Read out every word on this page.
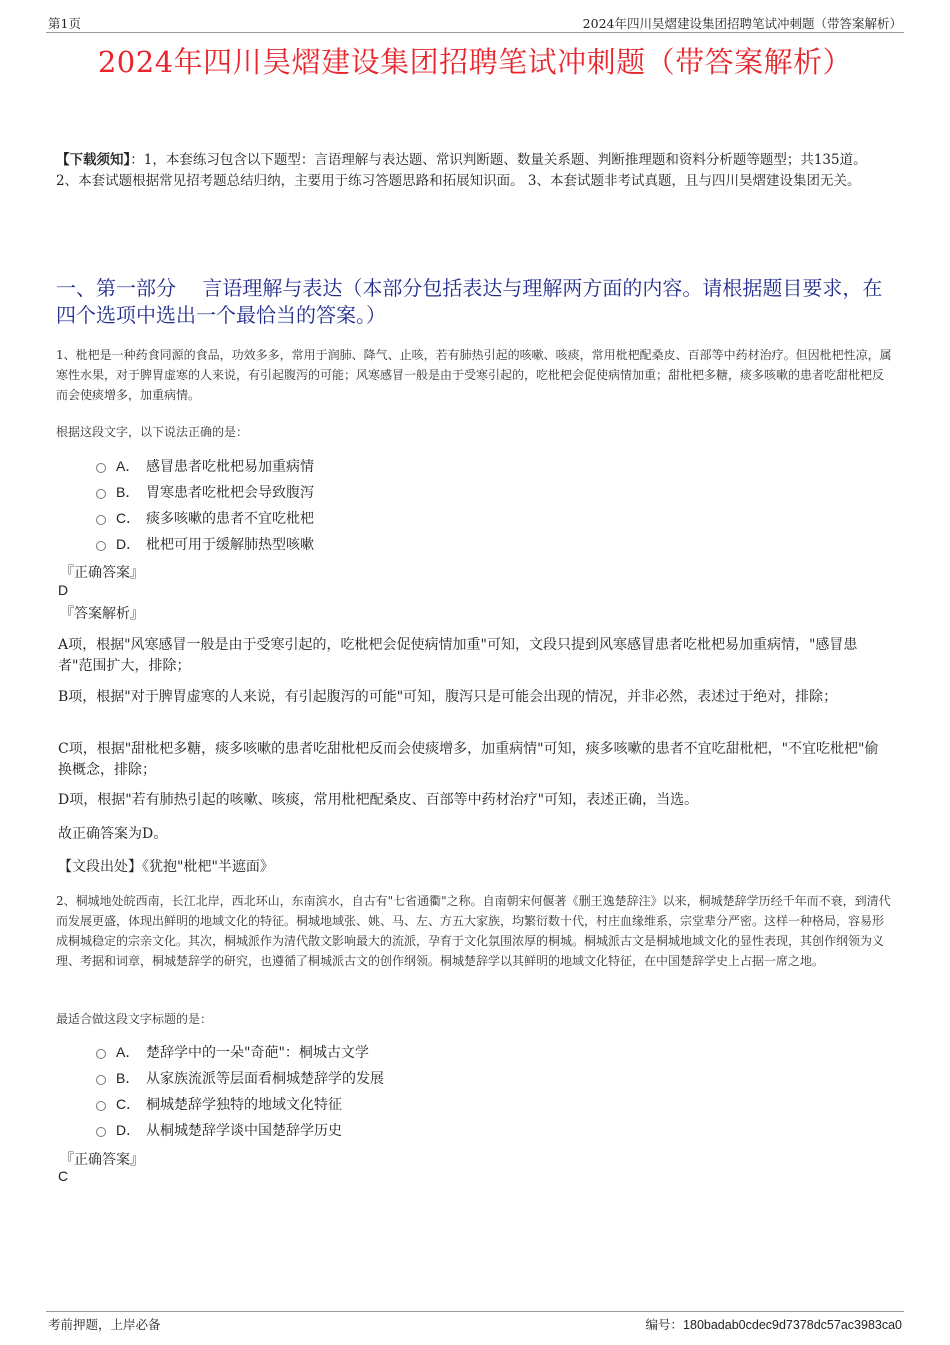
第1页	2024年四川昊熠建设集团招聘笔试冲刺题（带答案解析）
2024年四川昊熠建设集团招聘笔试冲刺题（带答案解析）
【下载须知】：1，本套练习包含以下题型：言语理解与表达题、常识判断题、数量关系题、判断推理题和资料分析题等题型；共135道。 2、本套试题根据常见招考题总结归纳，主要用于练习答题思路和拓展知识面。 3、本套试题非考试真题，且与四川昊熠建设集团无关。
一、第一部分　 言语理解与表达（本部分包括表达与理解两方面的内容。请根据题目要求，在四个选项中选出一个最恰当的答案。）
1、枇杷是一种药食同源的食品，功效多多，常用于润肺、降气、止咳，若有肺热引起的咳嗽、咳痰，常用枇杷配桑皮、百部等中药材治疗。但因枇杷性凉，属寒性水果，对于脾胃虚寒的人来说，有引起腹泻的可能；风寒感冒一般是由于受寒引起的，吃枇杷会促使病情加重；甜枇杷多糖，痰多咳嗽的患者吃甜枇杷反而会使痰增多，加重病情。
根据这段文字，以下说法正确的是：
A． 感冒患者吃枇杷易加重病情
B． 胃寒患者吃枇杷会导致腹泻
C． 痰多咳嗽的患者不宜吃枇杷
D． 枇杷可用于缓解肺热型咳嗽
『正确答案』
D
『答案解析』
A项，根据"风寒感冒一般是由于受寒引起的，吃枇杷会促使病情加重"可知，文段只提到风寒感冒患者吃枇杷易加重病情，"感冒患者"范围扩大，排除；
B项，根据"对于脾胃虚寒的人来说，有引起腹泻的可能"可知，腹泻只是可能会出现的情况，并非必然，表述过于绝对，排除；
C项，根据"甜枇杷多糖，痰多咳嗽的患者吃甜枇杷反而会使痰增多，加重病情"可知，痰多咳嗽的患者不宜吃甜枇杷，"不宜吃枇杷"偷换概念，排除；
D项，根据"若有肺热引起的咳嗽、咳痰，常用枇杷配桑皮、百部等中药材治疗"可知，表述正确，当选。
故正确答案为D。
【文段出处】《犹抱"枇杷"半遮面》
2、桐城地处皖西南，长江北岸，西北环山，东南滨水，自古有"七省通衢"之称。自南朝宋何偃著《删王逸楚辞注》以来，桐城楚辞学历经千年而不衰，到清代而发展更盛，体现出鲜明的地域文化的特征。桐城地域张、姚、马、左、方五大家族，均繁衍数十代，村庄血缘维系，宗堂辈分严密。这样一种格局，容易形成桐城稳定的宗亲文化。其次，桐城派作为清代散文影响最大的流派，孕育于文化氛围浓厚的桐城。桐城派古文是桐城地域文化的显性表现，其创作纲领为义理、考据和词章，桐城楚辞学的研究，也遵循了桐城派古文的创作纲领。桐城楚辞学以其鲜明的地域文化特征，在中国楚辞学史上占据一席之地。
最适合做这段文字标题的是：
A． 楚辞学中的一朵"奇葩"：桐城古文学
B． 从家族流派等层面看桐城楚辞学的发展
C． 桐城楚辞学独特的地域文化特征
D． 从桐城楚辞学谈中国楚辞学历史
『正确答案』
C
考前押题，上岸必备	编号：180badab0cdec9d7378dc57ac3983ca0
